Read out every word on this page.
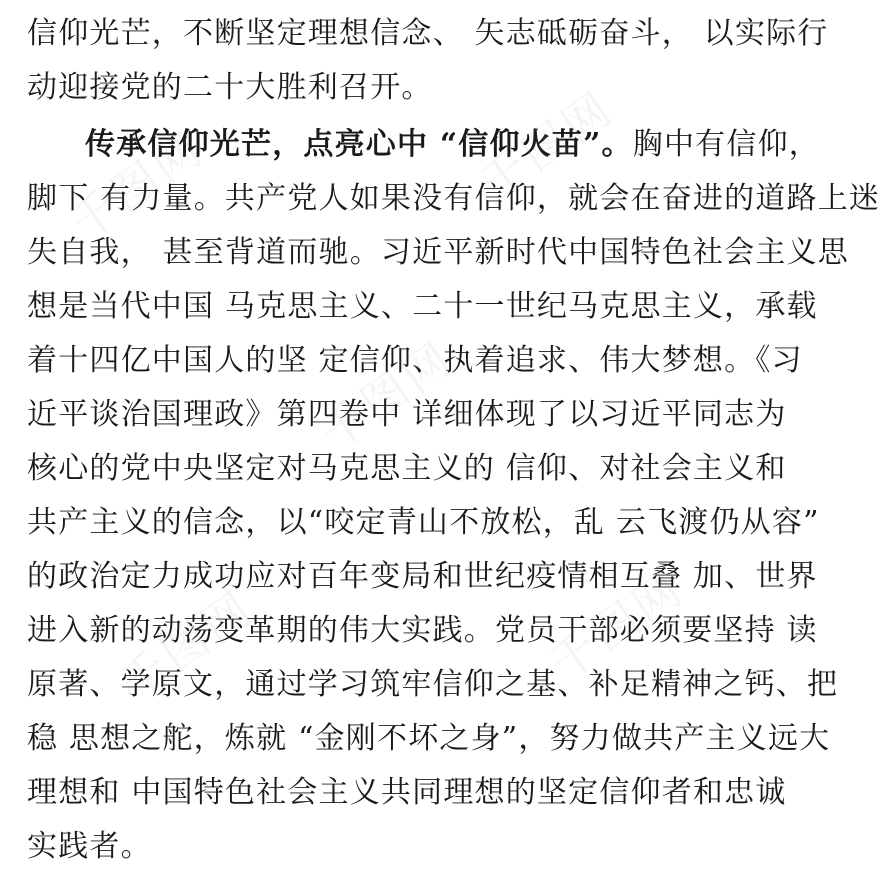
信仰光芒，不断坚定理想信念、 矢志砥砺奋斗， 以实际行
动迎接党的二十大胜利召开。
传承信仰光芒，点亮心中 “信仰火苗”。胸中有信仰，
脚下 有力量。共产党人如果没有信仰，就会在奋进的道路上迷
失自我， 甚至背道而驰。习近平新时代中国特色社会主义思
想是当代中国 马克思主义、二十一世纪马克思主义，承载
着十四亿中国人的坚 定信仰、执着追求、伟大梦想。《习
近平谈治国理政》第四卷中 详细体现了以习近平同志为
核心的党中央坚定对马克思主义的 信仰、对社会主义和
共产主义的信念，以“咬定青山不放松，乱 云飞渡仍从容”
的政治定力成功应对百年变局和世纪疫情相互叠 加、世界
进入新的动荡变革期的伟大实践。党员干部必须要坚持 读
原著、学原文，通过学习筑牢信仰之基、补足精神之钙、把
稳 思想之舵，炼就 “金刚不坏之身”，努力做共产主义远大
理想和 中国特色社会主义共同理想的坚定信仰者和忠诚
实践者。
千图网	千图网
千图网
千图网	千图网
